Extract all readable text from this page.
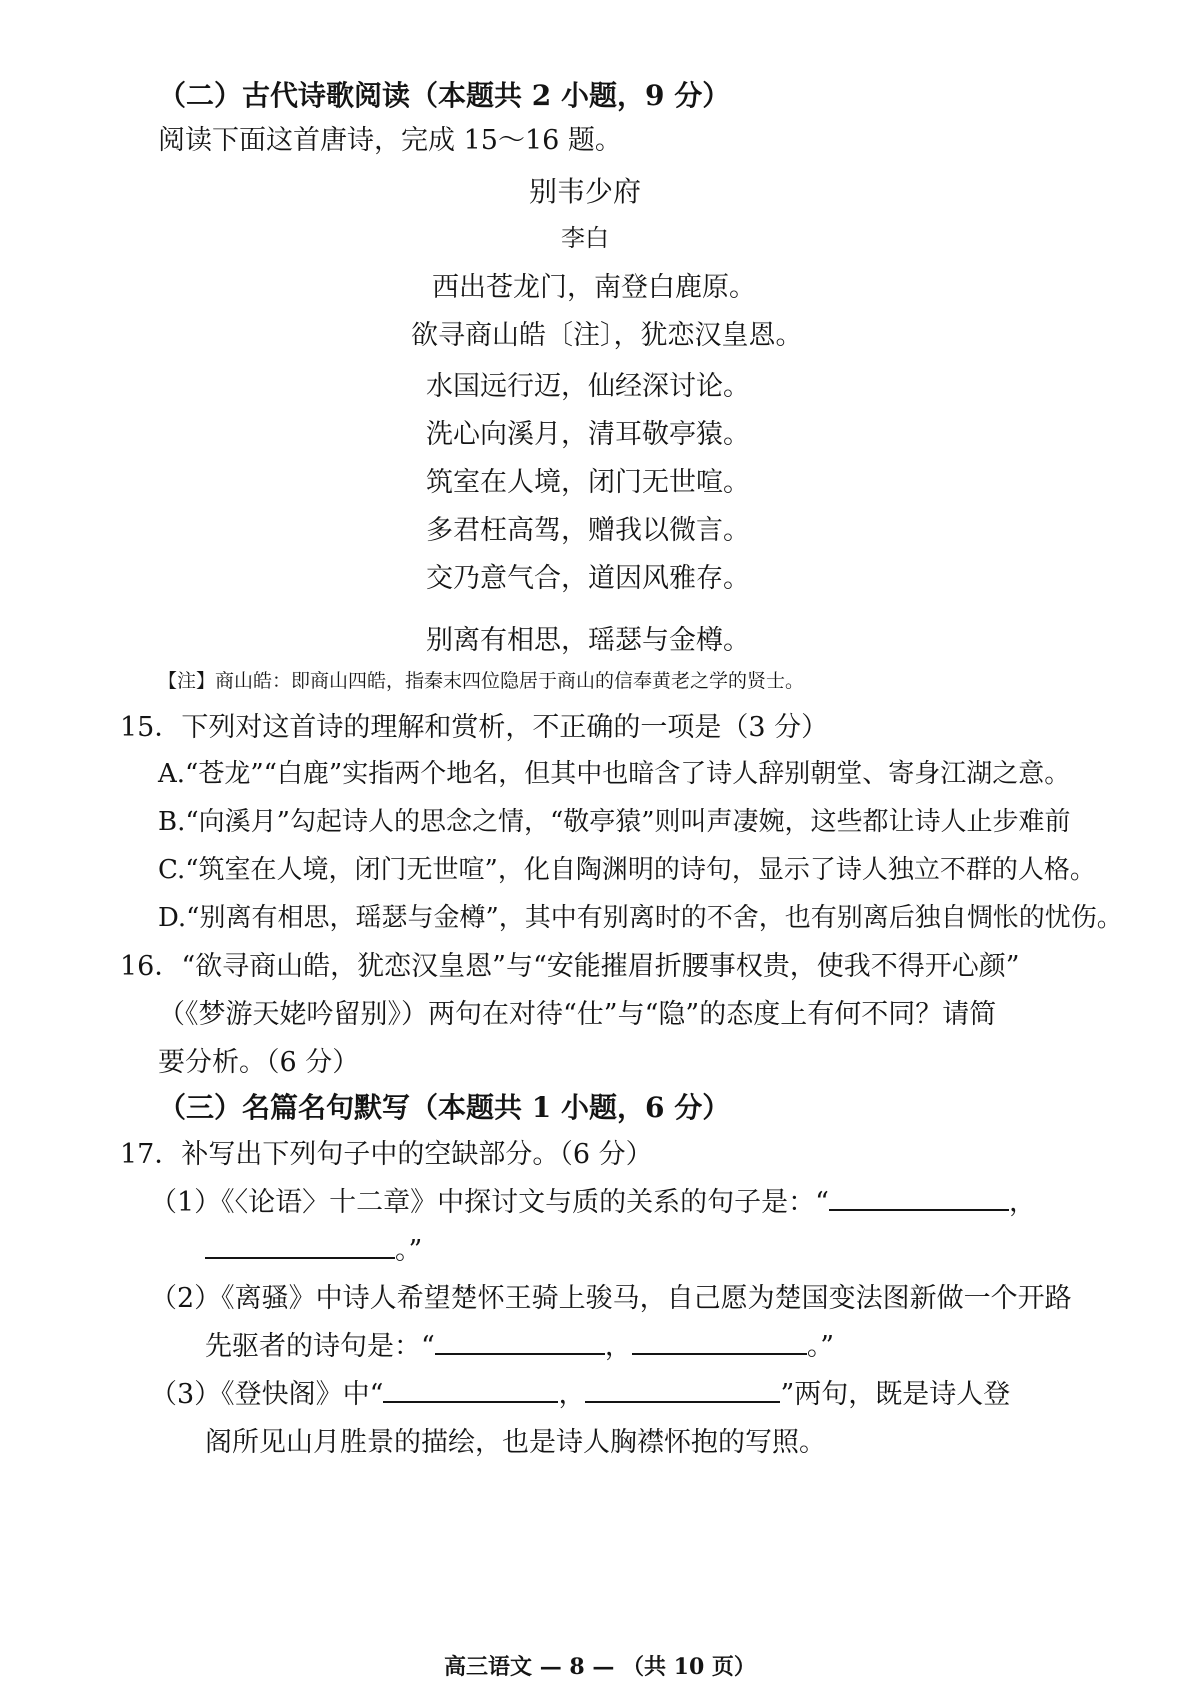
（二）古代诗歌阅读（本题共 2 小题，9 分）
阅读下面这首唐诗，完成 15～16 题。
别韦少府
李白
西出苍龙门，南登白鹿原。
欲寻商山皓〔注〕，犹恋汉皇恩。
水国远行迈，仙经深讨论。
洗心向溪月，清耳敬亭猿。
筑室在人境，闭门无世喧。
多君枉高驾，赠我以微言。
交乃意气合，道因风雅存。
别离有相思，瑶瑟与金樽。
【注】商山皓：即商山四皓，指秦末四位隐居于商山的信奉黄老之学的贤士。
15．下列对这首诗的理解和赏析，不正确的一项是（3 分）
A.“苍龙”“白鹿”实指两个地名，但其中也暗含了诗人辞别朝堂、寄身江湖之意。
B.“向溪月”勾起诗人的思念之情，“敬亭猿”则叫声凄婉，这些都让诗人止步难前
C.“筑室在人境，闭门无世喧”，化自陶渊明的诗句，显示了诗人独立不群的人格。
D.“别离有相思，瑶瑟与金樽”，其中有别离时的不舍，也有别离后独自惆怅的忧伤。
16．“欲寻商山皓，犹恋汉皇恩”与“安能摧眉折腰事权贵，使我不得开心颜”
（《梦游天姥吟留别》）两句在对待“仕”与“隐”的态度上有何不同？请简
要分析。（6 分）
（三）名篇名句默写（本题共 1 小题，6 分）
17．补写出下列句子中的空缺部分。（6 分）
（1）《〈论语〉十二章》中探讨文与质的关系的句子是：“	，
。”
（2）《离骚》中诗人希望楚怀王骑上骏马，自己愿为楚国变法图新做一个开路
先驱者的诗句是：“	，	。”
（3）《登快阁》中“	，	”两句，既是诗人登
阁所见山月胜景的描绘，也是诗人胸襟怀抱的写照。
高三语文 — 8 — （共 10 页）
